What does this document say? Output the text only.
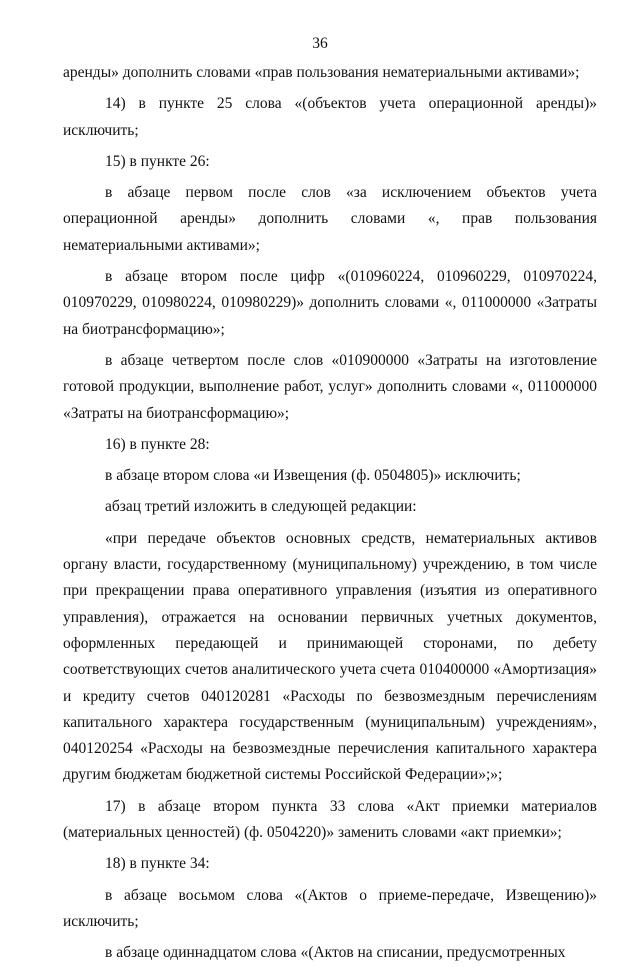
36

аренды» дополнить словами «прав пользования нематериальными активами»;

14) в пункте 25 слова «(объектов учета операционной аренды)» исключить;

15) в пункте 26:

в абзаце первом после слов «за исключением объектов учета операционной аренды» дополнить словами «, прав пользования нематериальными активами»;

в абзаце втором после цифр «(010960224, 010960229, 010970224, 010970229, 010980224, 010980229)» дополнить словами «, 011000000 «Затраты на биотрансформацию»;

в абзаце четвертом после слов «010900000 «Затраты на изготовление готовой продукции, выполнение работ, услуг» дополнить словами «, 011000000 «Затраты на биотрансформацию»;

16) в пункте 28:

в абзаце втором слова «и Извещения (ф. 0504805)» исключить;

абзац третий изложить в следующей редакции:

«при передаче объектов основных средств, нематериальных активов органу власти, государственному (муниципальному) учреждению, в том числе при прекращении права оперативного управления (изъятия из оперативного управления), отражается на основании первичных учетных документов, оформленных передающей и принимающей сторонами, по дебету соответствующих счетов аналитического учета счета 010400000 «Амортизация» и кредиту счетов 040120281 «Расходы по безвозмездным перечислениям капитального характера государственным (муниципальным) учреждениям», 040120254 «Расходы на безвозмездные перечисления капитального характера другим бюджетам бюджетной системы Российской Федерации»;»;

17) в абзаце втором пункта 33 слова «Акт приемки материалов (материальных ценностей) (ф. 0504220)» заменить словами «акт приемки»;

18) в пункте 34:

в абзаце восьмом слова «(Актов о приеме-передаче, Извещению)» исключить;

в абзаце одиннадцатом слова «(Актов на списании, предусмотренных
